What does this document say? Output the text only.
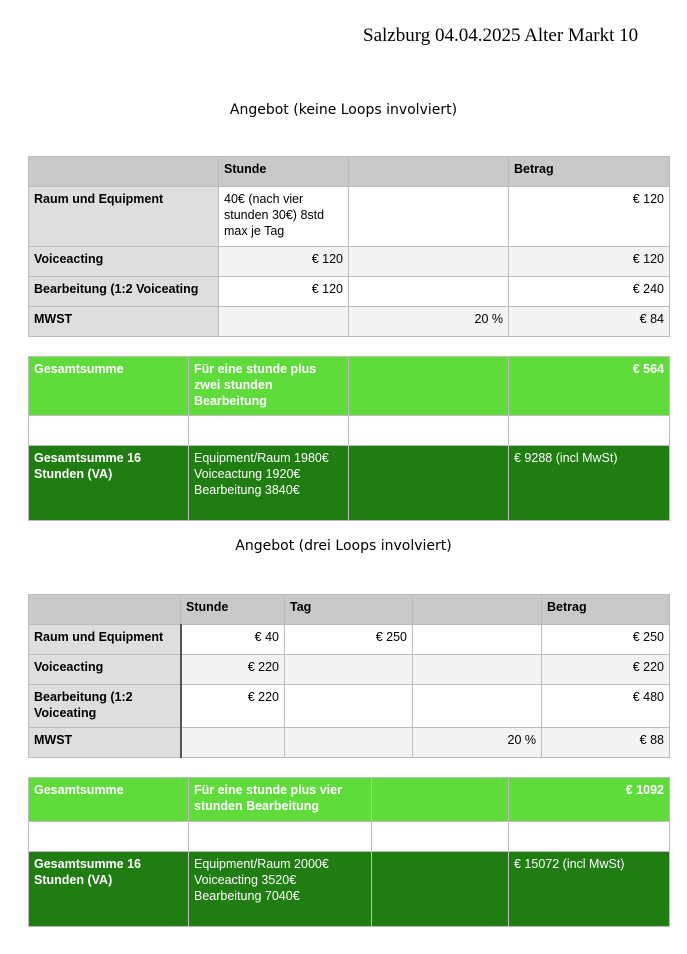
Salzburg 04.04.2025 Alter Markt 10
Angebot (keine Loops involviert)
	Stunde		Betrag
Raum und Equipment	40€ (nach vier stunden 30€) 8std max je Tag		€ 120
Voiceacting	€ 120		€ 120
Bearbeitung (1:2 Voiceating	€ 120		€ 240
MWST		20 %	€ 84
Gesamtsumme	Für eine stunde plus zwei stunden Bearbeitung		€ 564

Gesamtsumme 16 Stunden (VA)	Equipment/Raum 1980€
Voiceactung 1920€
Bearbeitung 3840€		€ 9288 (incl MwSt)
Angebot (drei Loops involviert)
	Stunde	Tag		Betrag
Raum und Equipment	€ 40	€ 250		€ 250
Voiceacting	€ 220			€ 220
Bearbeitung (1:2 Voiceating	€ 220			€ 480
MWST			20 %	€ 88
Gesamtsumme	Für eine stunde plus vier stunden Bearbeitung		€ 1092

Gesamtsumme 16 Stunden (VA)	Equipment/Raum 2000€
Voiceacting 3520€
Bearbeitung 7040€		€ 15072 (incl MwSt)
